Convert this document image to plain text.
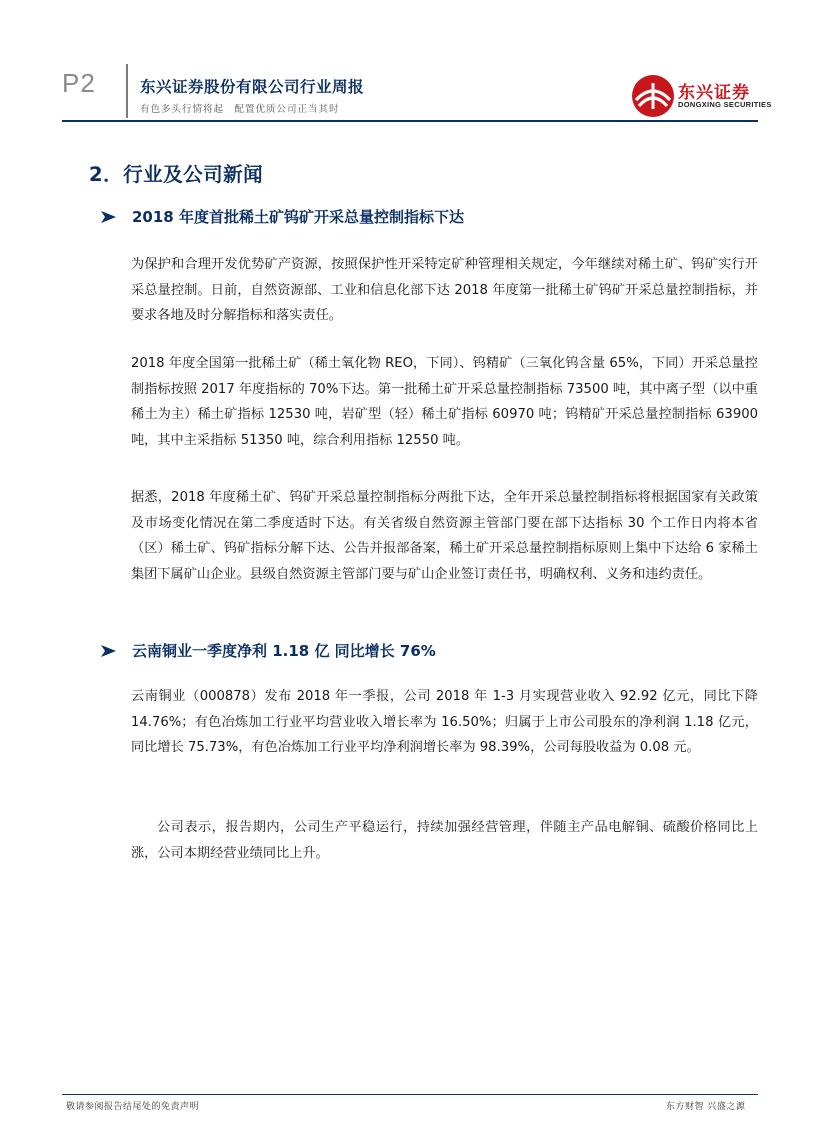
P2	东兴证券股份有限公司行业周报
有色多头行情将起　配置优质公司正当其时
东兴证券
DONGXING SECURITIES
2．行业及公司新闻
2018 年度首批稀土矿钨矿开采总量控制指标下达

为保护和合理开发优势矿产资源，按照保护性开采特定矿种管理相关规定，今年继续对稀土矿、钨矿实行开采总量控制。日前，自然资源部、工业和信息化部下达 2018 年度第一批稀土矿钨矿开采总量控制指标，并要求各地及时分解指标和落实责任。

2018 年度全国第一批稀土矿（稀土氧化物 REO，下同）、钨精矿（三氧化钨含量 65%，下同）开采总量控制指标按照 2017 年度指标的 70%下达。第一批稀土矿开采总量控制指标 73500 吨，其中离子型（以中重稀土为主）稀土矿指标 12530 吨，岩矿型（轻）稀土矿指标 60970 吨；钨精矿开采总量控制指标 63900 吨，其中主采指标 51350 吨，综合利用指标 12550 吨。

据悉，2018 年度稀土矿、钨矿开采总量控制指标分两批下达，全年开采总量控制指标将根据国家有关政策及市场变化情况在第二季度适时下达。有关省级自然资源主管部门要在部下达指标 30 个工作日内将本省（区）稀土矿、钨矿指标分解下达、公告并报部备案，稀土矿开采总量控制指标原则上集中下达给 6 家稀土集团下属矿山企业。县级自然资源主管部门要与矿山企业签订责任书，明确权利、义务和违约责任。

云南铜业一季度净利 1.18 亿 同比增长 76%

云南铜业（000878）发布 2018 年一季报，公司 2018 年 1-3 月实现营业收入 92.92 亿元，同比下降 14.76%；有色冶炼加工行业平均营业收入增长率为 16.50%；归属于上市公司股东的净利润 1.18 亿元，同比增长 75.73%，有色冶炼加工行业平均净利润增长率为 98.39%，公司每股收益为 0.08 元。

公司表示，报告期内，公司生产平稳运行，持续加强经营管理，伴随主产品电解铜、硫酸价格同比上涨，公司本期经营业绩同比上升。

敬请参阅报告结尾处的免责声明	东方财智 兴盛之源
